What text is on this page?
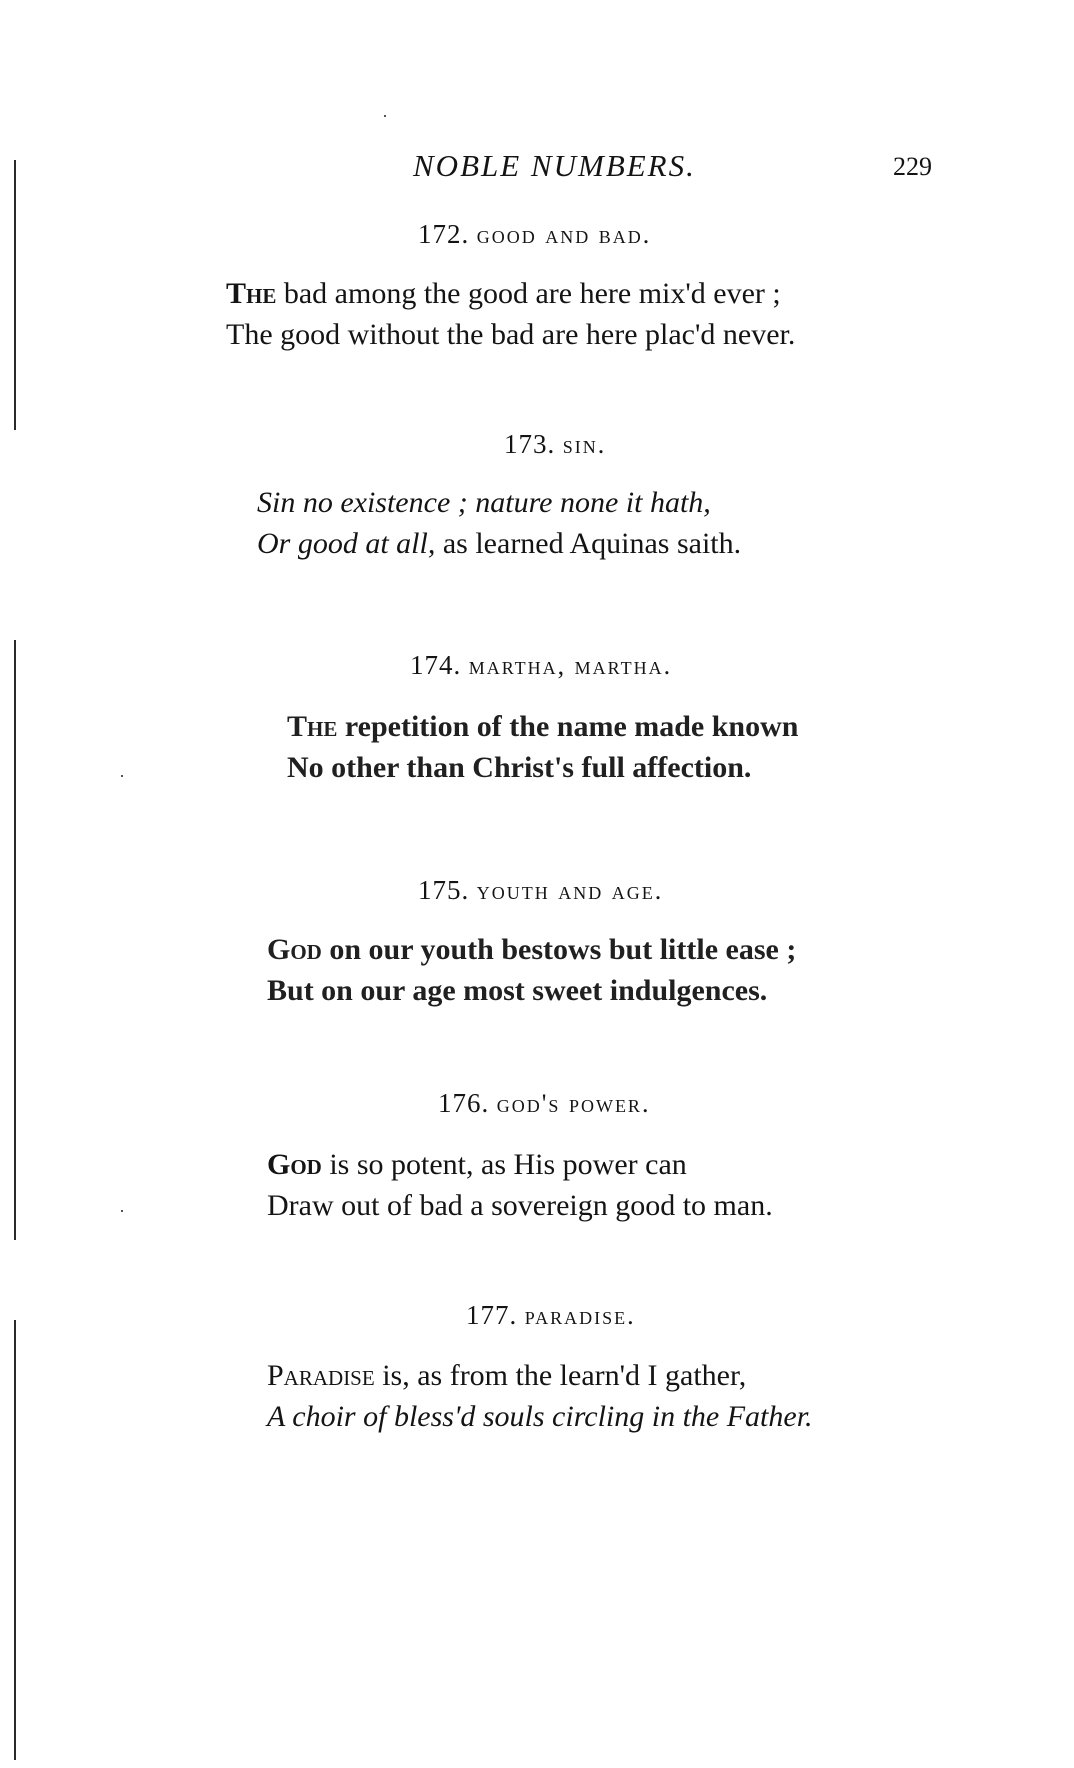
NOBLE NUMBERS.	229
172. good and bad.
The bad among the good are here mix'd ever ;
The good without the bad are here plac'd never.
173. sin.
Sin no existence ; nature none it hath,
Or good at all, as learned Aquinas saith.
174. martha, martha.
The repetition of the name made known
No other than Christ's full affection.
175. youth and age.
God on our youth bestows but little ease ;
But on our age most sweet indulgences.
176. god's power.
God is so potent, as His power can
Draw out of bad a sovereign good to man.
177. paradise.
Paradise is, as from the learn'd I gather,
A choir of bless'd souls circling in the Father.
